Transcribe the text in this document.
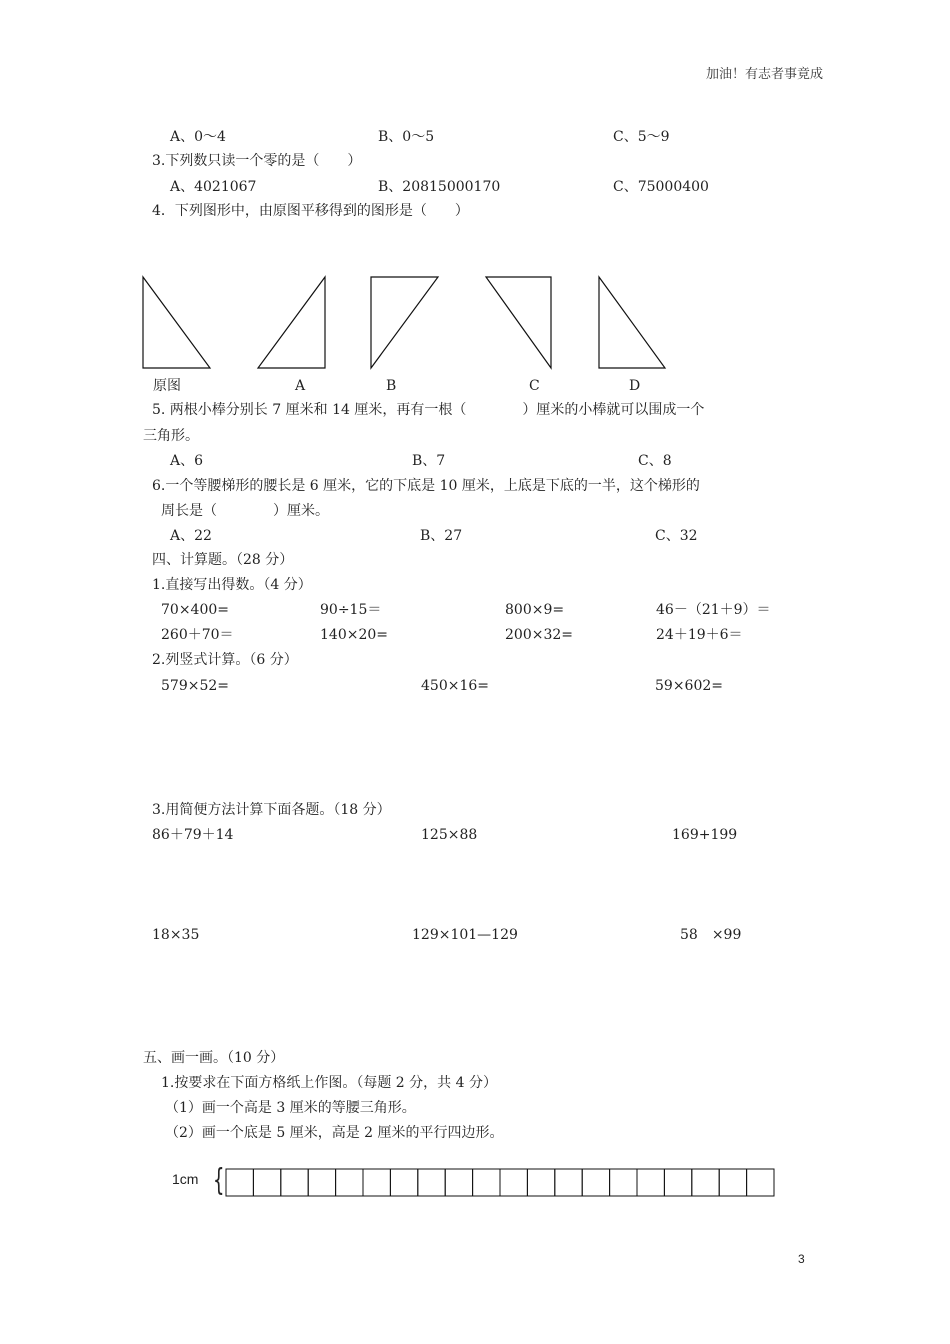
加油！有志者事竟成
A、0～4	B、0～5	C、5～9
3.下列数只读一个零的是（　　）
A、4021067	B、20815000170	C、75000400
4．下列图形中，由原图平移得到的图形是（　　）
原图	A	B	C	D
5. 两根小棒分别长 7 厘米和 14 厘米，再有一根（　　　　）厘米的小棒就可以围成一个
三角形。
A、6	B、7	C、8
6.一个等腰梯形的腰长是 6 厘米，它的下底是 10 厘米，上底是下底的一半，这个梯形的
周长是（　　　　）厘米。
A、22	B、27	C、32
四、计算题。（28 分）
1.直接写出得数。（4 分）
70×400=	90÷15＝	800×9=	46－（21＋9）＝
260＋70＝	140×20=	200×32=	24＋19＋6＝
2.列竖式计算。（6 分）
579×52=	450×16=	59×602=
3.用简便方法计算下面各题。（18 分）
86＋79＋14	125×88	169+199
18×35	129×101—129	58　×99
五、画一画。（10 分）
1.按要求在下面方格纸上作图。（每题 2 分，共 4 分）
（1）画一个高是 3 厘米的等腰三角形。
（2）画一个底是 5 厘米，高是 2 厘米的平行四边形。
1cm {
3
